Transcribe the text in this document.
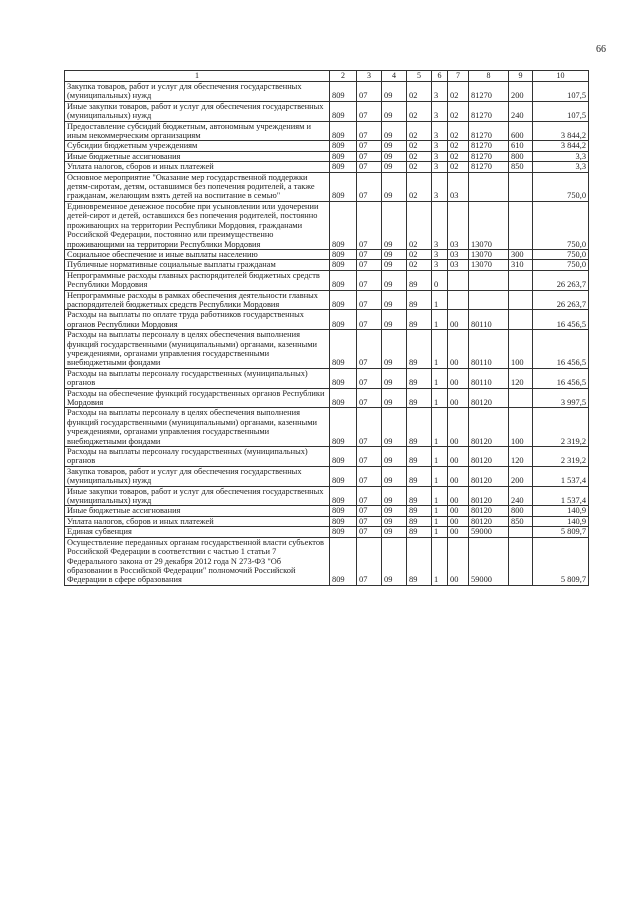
66
1	2	3	4	5	6	7	8	9	10
Закупка товаров, работ и услуг для обеспечения государственных (муниципальных) нужд	809	07	09	02	3	02	81270	200	107,5
Иные закупки товаров, работ и услуг для обеспечения государственных (муниципальных) нужд	809	07	09	02	3	02	81270	240	107,5
Предоставление субсидий бюджетным, автономным учреждениям и иным некоммерческим организациям	809	07	09	02	3	02	81270	600	3 844,2
Субсидии бюджетным учреждениям	809	07	09	02	3	02	81270	610	3 844,2
Иные бюджетные ассигнования	809	07	09	02	3	02	81270	800	3,3
Уплата налогов, сборов и иных платежей	809	07	09	02	3	02	81270	850	3,3
Основное мероприятие "Оказание мер государственной поддержки детям-сиротам, детям, оставшимся без попечения родителей, а также гражданам, желающим взять детей на воспитание в семью"	809	07	09	02	3	03			750,0
Единовременное денежное пособие при усыновлении или удочерении детей-сирот и детей, оставшихся без попечения родителей, постоянно проживающих на территории Республики Мордовия, гражданами Российской Федерации, постоянно или преимущественно проживающими на территории Республики Мордовия	809	07	09	02	3	03	13070		750,0
Социальное обеспечение и иные выплаты населению	809	07	09	02	3	03	13070	300	750,0
Публичные нормативные социальные выплаты гражданам	809	07	09	02	3	03	13070	310	750,0
Непрограммные расходы главных распорядителей бюджетных средств Республики Мордовия	809	07	09	89	0				26 263,7
Непрограммные расходы в рамках обеспечения деятельности главных распорядителей бюджетных средств Республики Мордовия	809	07	09	89	1				26 263,7
Расходы на выплаты по оплате труда работников государственных органов Республики Мордовия	809	07	09	89	1	00	80110		16 456,5
Расходы на выплаты персоналу в целях обеспечения выполнения функций государственными (муниципальными) органами, казенными учреждениями, органами управления государственными внебюджетными фондами	809	07	09	89	1	00	80110	100	16 456,5
Расходы на выплаты персоналу государственных (муниципальных) органов	809	07	09	89	1	00	80110	120	16 456,5
Расходы на обеспечение функций государственных органов Республики Мордовия	809	07	09	89	1	00	80120		3 997,5
Расходы на выплаты персоналу в целях обеспечения выполнения функций государственными (муниципальными) органами, казенными учреждениями, органами управления государственными внебюджетными фондами	809	07	09	89	1	00	80120	100	2 319,2
Расходы на выплаты персоналу государственных (муниципальных) органов	809	07	09	89	1	00	80120	120	2 319,2
Закупка товаров, работ и услуг для обеспечения государственных (муниципальных) нужд	809	07	09	89	1	00	80120	200	1 537,4
Иные закупки товаров, работ и услуг для обеспечения государственных (муниципальных) нужд	809	07	09	89	1	00	80120	240	1 537,4
Иные бюджетные ассигнования	809	07	09	89	1	00	80120	800	140,9
Уплата налогов, сборов и иных платежей	809	07	09	89	1	00	80120	850	140,9
Единая субвенция	809	07	09	89	1	00	59000		5 809,7
Осуществление переданных органам государственной власти субъектов Российской Федерации в соответствии с частью 1 статьи 7 Федерального закона от 29 декабря 2012 года N 273-ФЗ "Об образовании в Российской Федерации" полномочий Российской Федерации в сфере образования	809	07	09	89	1	00	59000		5 809,7
